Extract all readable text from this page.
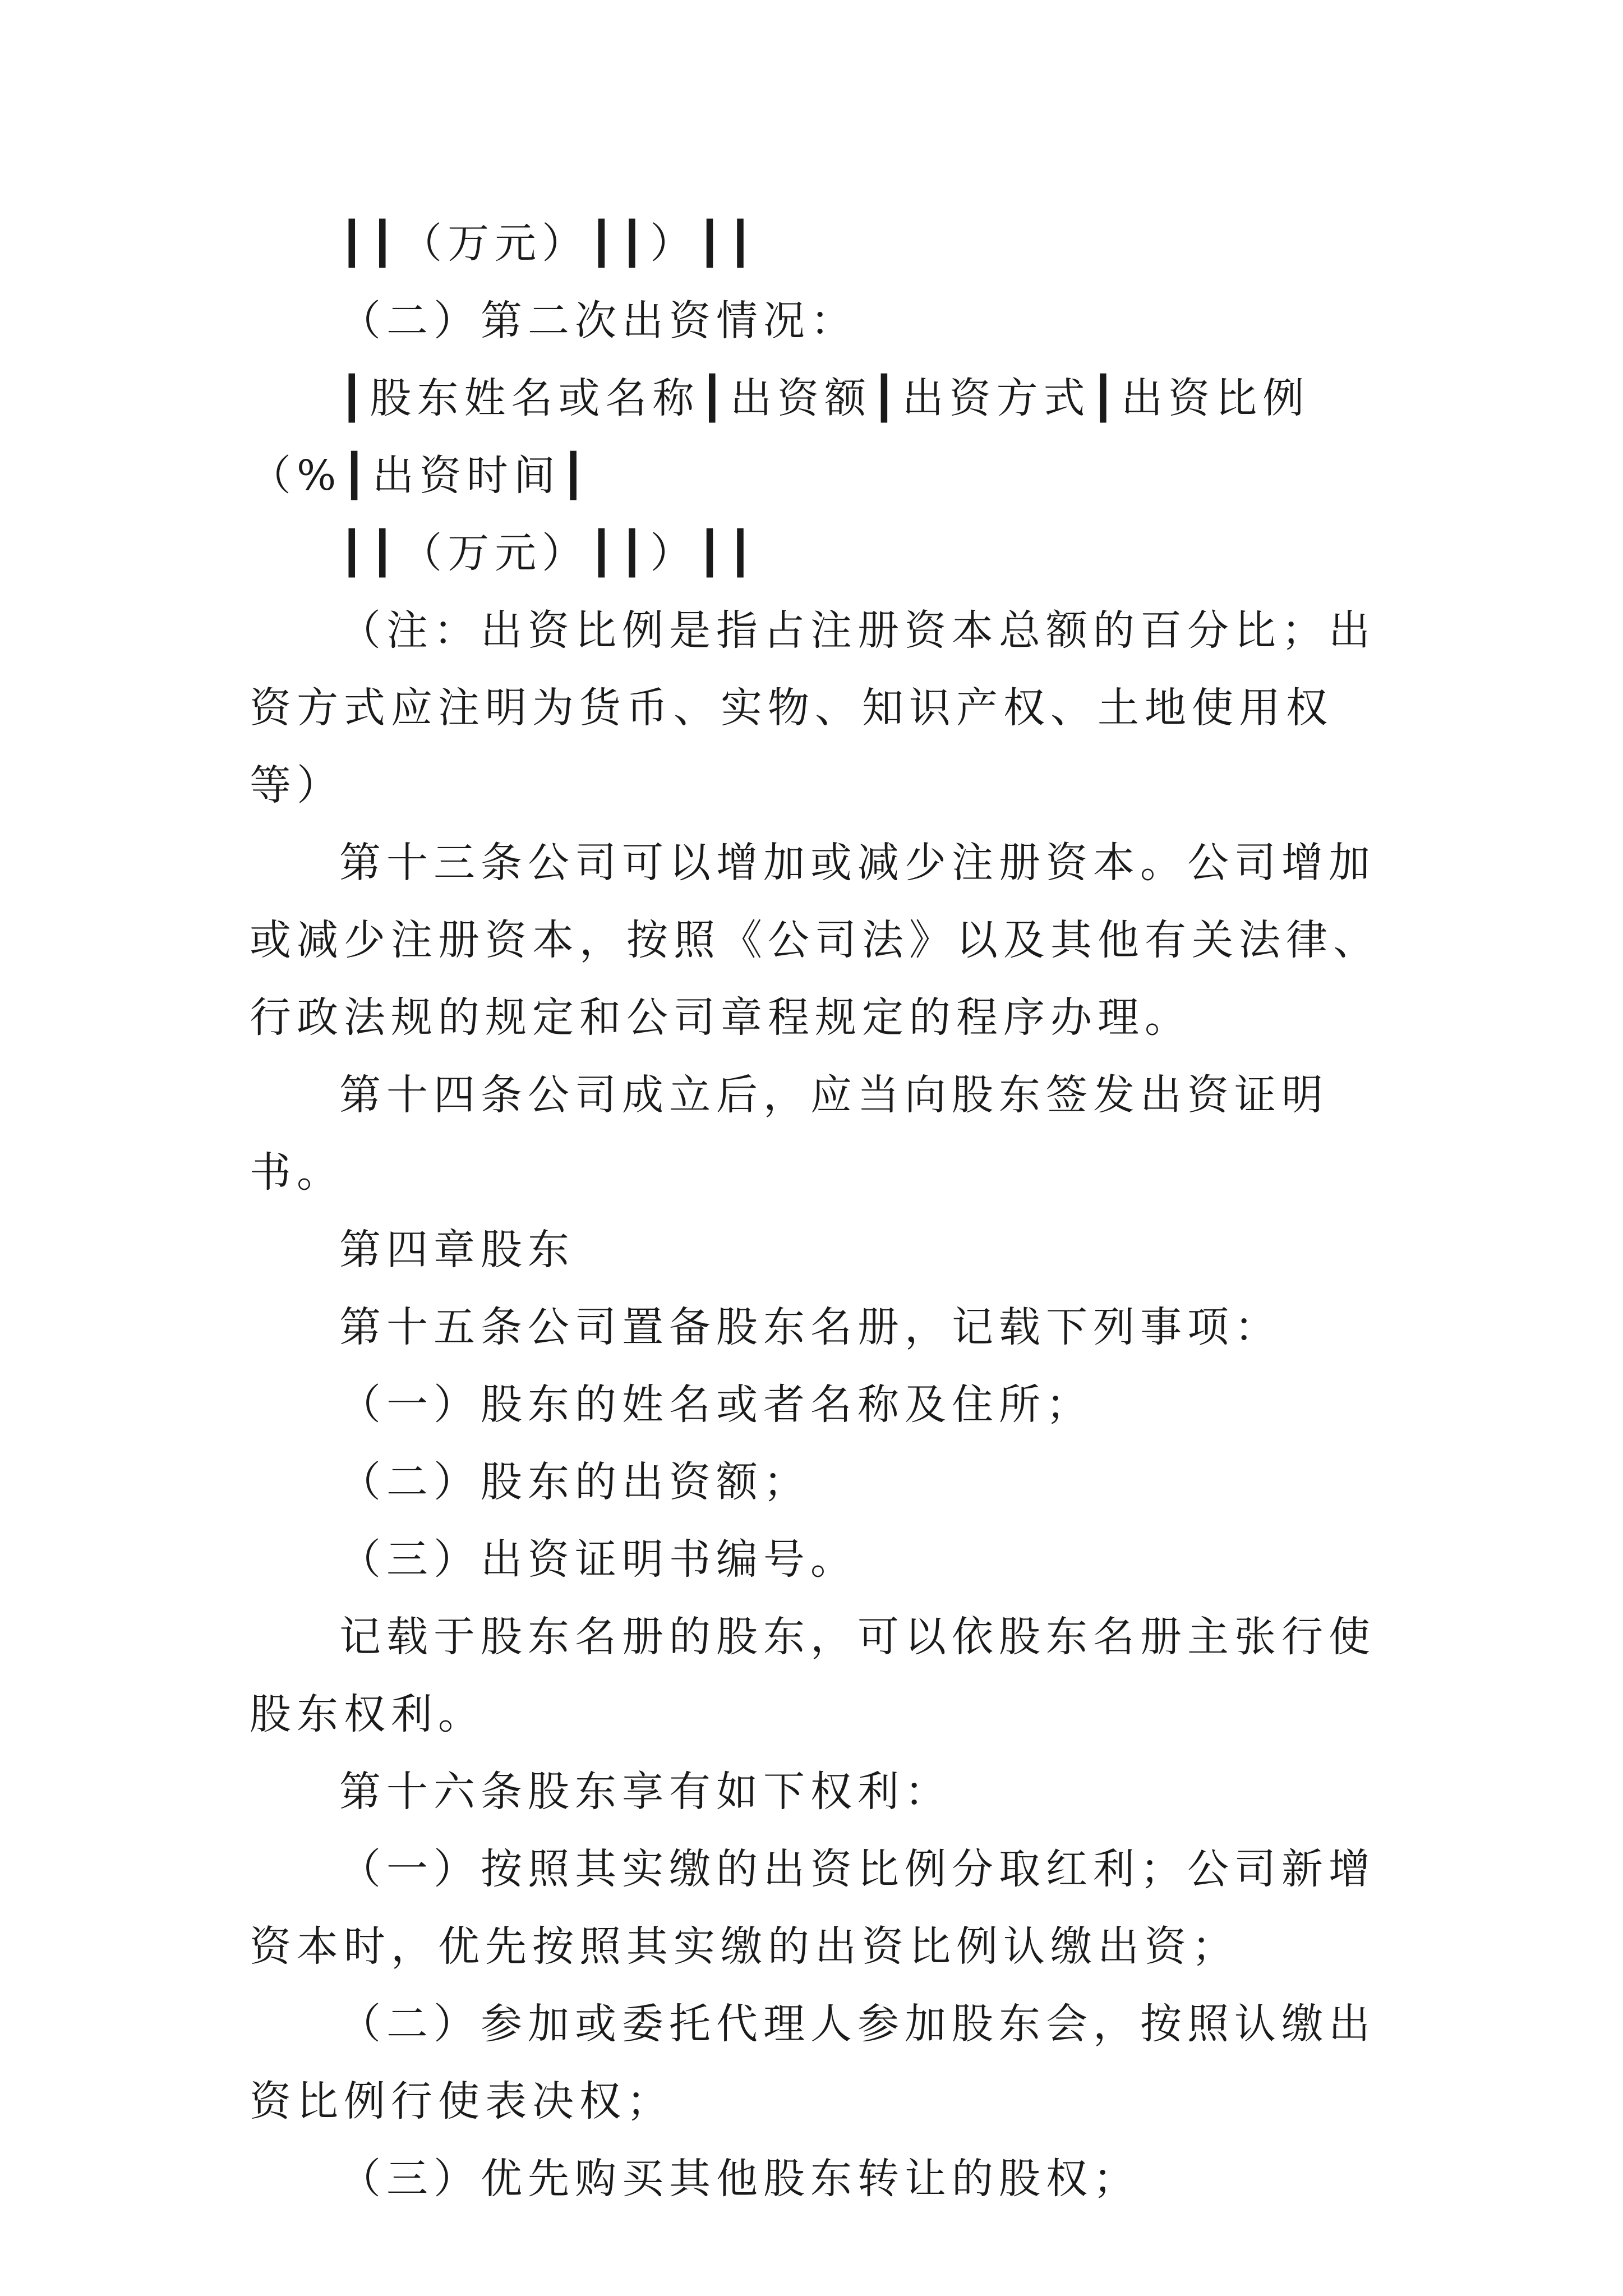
┃┃（万元）┃┃）┃┃

（二）第二次出资情况：

┃股东姓名或名称┃出资额┃出资方式┃出资比例（%┃出资时间┃

┃┃（万元）┃┃）┃┃

（注：出资比例是指占注册资本总额的百分比；出资方式应注明为货币、实物、知识产权、土地使用权等）

第十三条公司可以增加或减少注册资本。公司增加或减少注册资本，按照《公司法》以及其他有关法律、行政法规的规定和公司章程规定的程序办理。

第十四条公司成立后，应当向股东签发出资证明书。

第四章股东

第十五条公司置备股东名册，记载下列事项：

（一）股东的姓名或者名称及住所；

（二）股东的出资额；

（三）出资证明书编号。

记载于股东名册的股东，可以依股东名册主张行使股东权利。

第十六条股东享有如下权利：

（一）按照其实缴的出资比例分取红利；公司新增资本时，优先按照其实缴的出资比例认缴出资；

（二）参加或委托代理人参加股东会，按照认缴出资比例行使表决权；

（三）优先购买其他股东转让的股权；
